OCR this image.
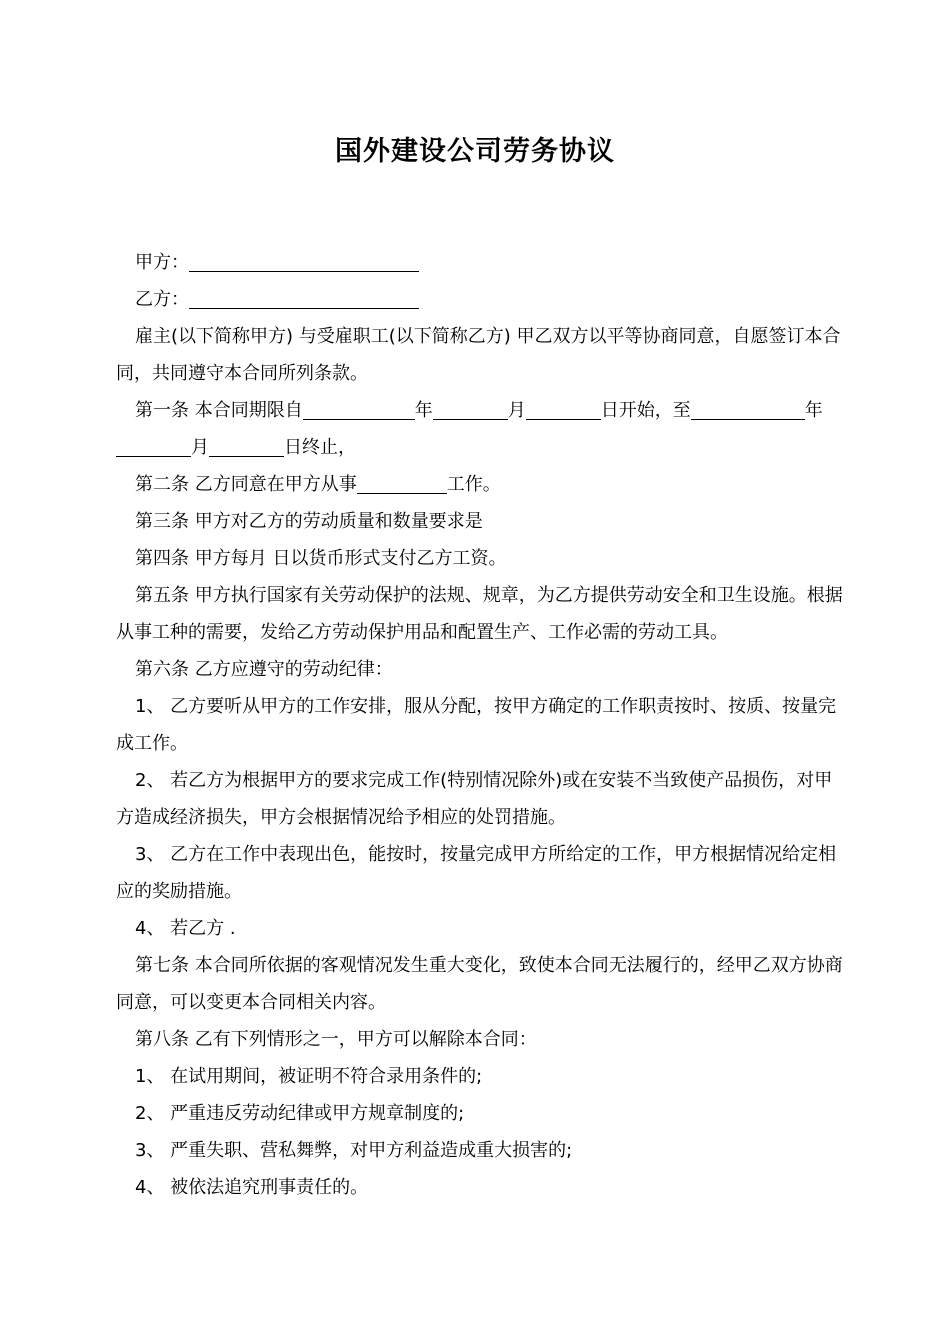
国外建设公司劳务协议

甲方：

乙方：

雇主(以下简称甲方) 与受雇职工(以下简称乙方) 甲乙双方以平等协商同意，自愿签订本合同，共同遵守本合同所列条款。

第一条 本合同期限自	年	月	日开始，至	年月	日终止，

第二条 乙方同意在甲方从事	工作。

第三条 甲方对乙方的劳动质量和数量要求是

第四条 甲方每月 日以货币形式支付乙方工资。

第五条 甲方执行国家有关劳动保护的法规、规章，为乙方提供劳动安全和卫生设施。根据从事工种的需要，发给乙方劳动保护用品和配置生产、工作必需的劳动工具。

第六条 乙方应遵守的劳动纪律：

1、 乙方要听从甲方的工作安排，服从分配，按甲方确定的工作职责按时、按质、按量完成工作。

2、 若乙方为根据甲方的要求完成工作(特别情况除外)或在安装不当致使产品损伤，对甲方造成经济损失，甲方会根据情况给予相应的处罚措施。

3、 乙方在工作中表现出色，能按时，按量完成甲方所给定的工作，甲方根据情况给定相应的奖励措施。

4、 若乙方 .

第七条 本合同所依据的客观情况发生重大变化，致使本合同无法履行的，经甲乙双方协商同意，可以变更本合同相关内容。

第八条 乙有下列情形之一，甲方可以解除本合同：

1、 在试用期间，被证明不符合录用条件的;

2、 严重违反劳动纪律或甲方规章制度的;

3、 严重失职、营私舞弊，对甲方利益造成重大损害的;

4、 被依法追究刑事责任的。
